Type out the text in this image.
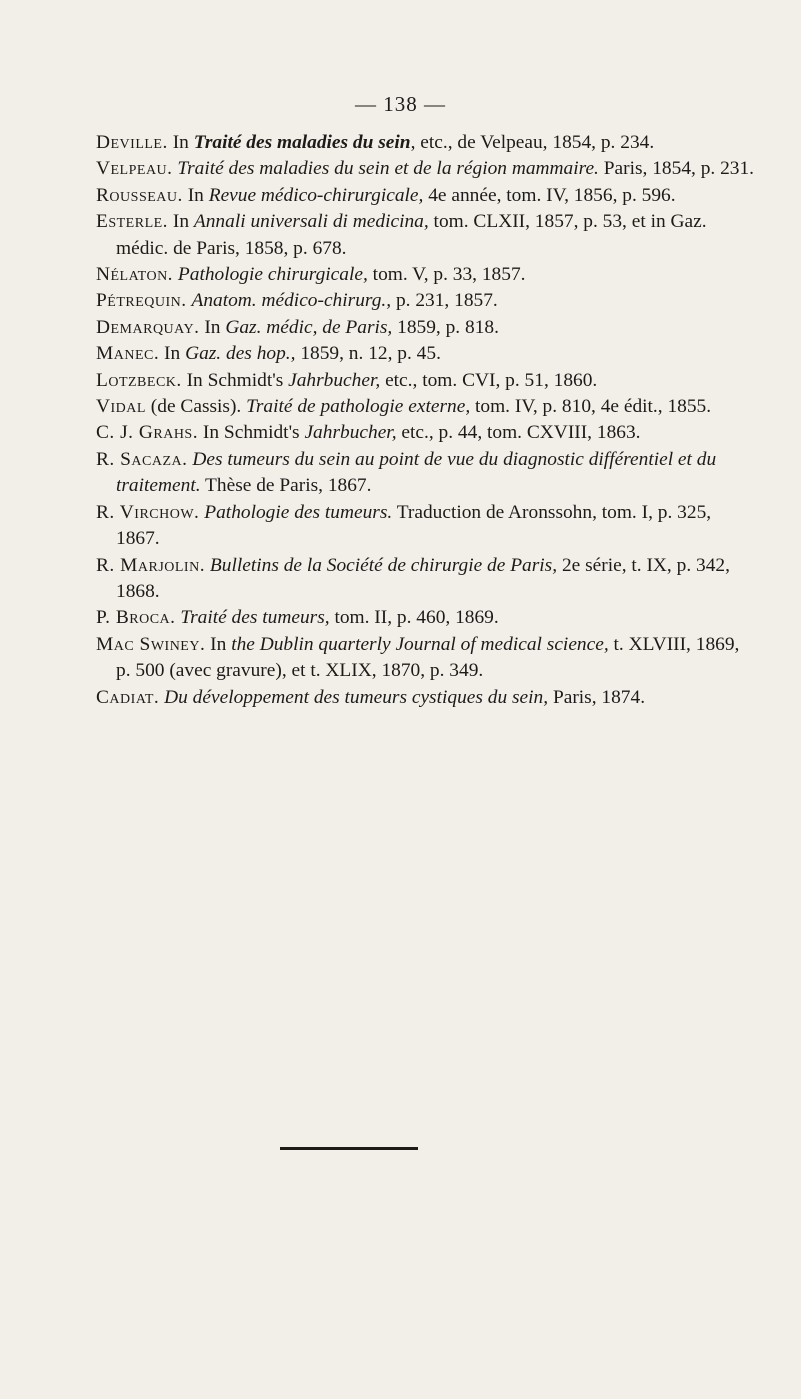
— 138 —
Deville. In Traité des maladies du sein, etc., de Velpeau, 1854, p. 234.
Velpeau. Traité des maladies du sein et de la région mammaire. Paris, 1854, p. 231.
Rousseau. In Revue médico-chirurgicale, 4e année, tom. IV, 1856, p. 596.
Esterle. In Annali universali di medicina, tom. CLXII, 1857, p. 53, et in Gaz. médic. de Paris, 1858, p. 678.
Nélaton. Pathologie chirurgicale, tom. V, p. 33, 1857.
Pétrequin. Anatom. médico-chirurg., p. 231, 1857.
Demarquay. In Gaz. médic, de Paris, 1859, p. 818.
Manec. In Gaz. des hop., 1859, n. 12, p. 45.
Lotzbeck. In Schmidt's Jahrbucher, etc., tom. CVI, p. 51, 1860.
Vidal (de Cassis). Traité de pathologie externe, tom. IV, p. 810, 4e édit., 1855.
C. J. Grahs. In Schmidt's Jahrbucher, etc., p. 44, tom. CXVIII, 1863.
R. Sacaza. Des tumeurs du sein au point de vue du diagnostic différentiel et du traitement. Thèse de Paris, 1867.
R. Virchow. Pathologie des tumeurs. Traduction de Aronssohn, tom. I, p. 325, 1867.
R. Marjolin. Bulletins de la Société de chirurgie de Paris, 2e série, t. IX, p. 342, 1868.
P. Broca. Traité des tumeurs, tom. II, p. 460, 1869.
Mac Swiney. In the Dublin quarterly Journal of medical science, t. XLVIII, 1869, p. 500 (avec gravure), et t. XLIX, 1870, p. 349.
Cadiat. Du développement des tumeurs cystiques du sein, Paris, 1874.
